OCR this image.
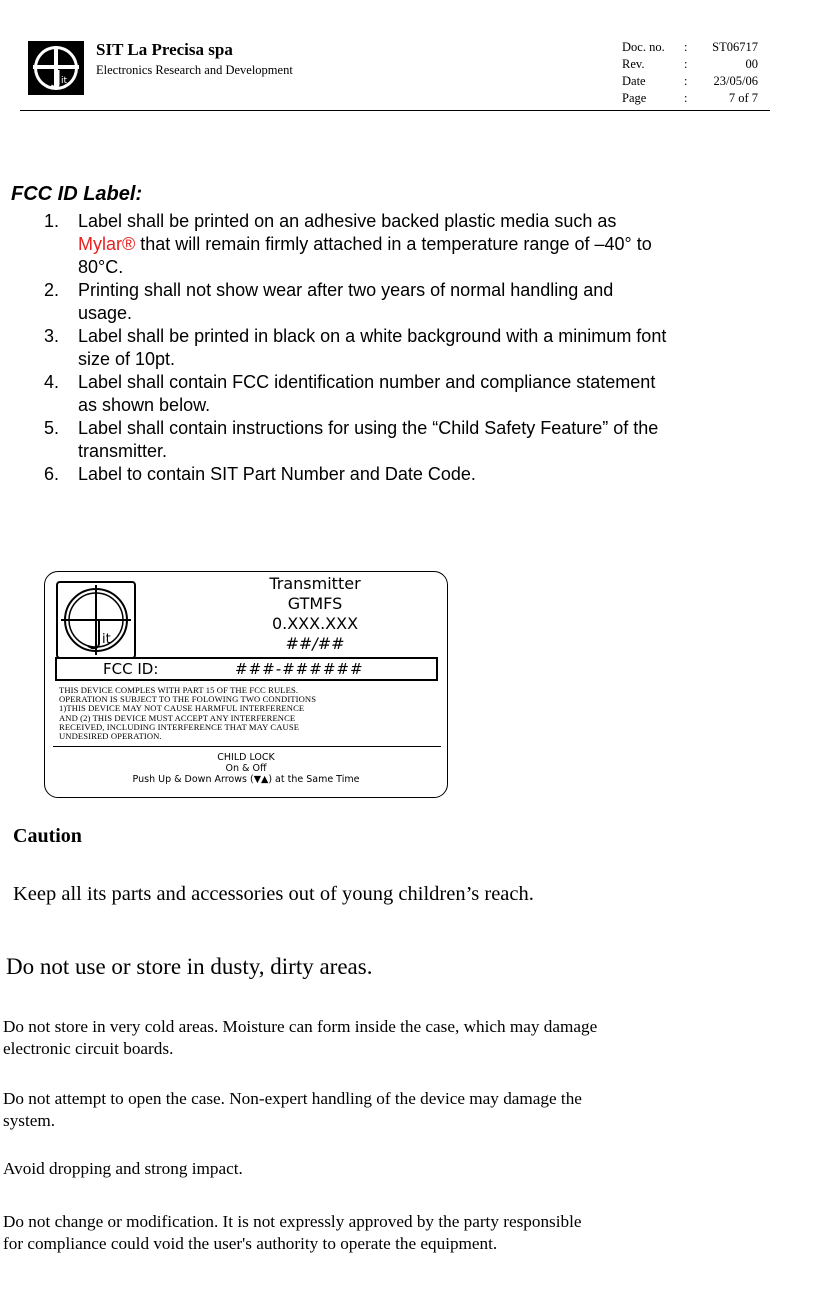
it
SIT La Precisa spa
Electronics Research and Development
Doc. no.	:	ST06717
Rev.	:	00
Date	:	23/05/06
Page	:	7 of 7
FCC ID Label:
1. Label shall be printed on an adhesive backed plastic media such as
Mylar® that will remain firmly attached in a temperature range of –40° to
80°C.
2. Printing shall not show wear after two years of normal handling and
usage.
3. Label shall be printed in black on a white background with a minimum font
size of 10pt.
4. Label shall contain FCC identification number and compliance statement
as shown below.
5. Label shall contain instructions for using the “Child Safety Feature” of the
transmitter.
6. Label to contain SIT Part Number and Date Code.
it
Transmitter
GTMFS
0.XXX.XXX
##/##
FCC ID:	###-######
THIS DEVICE COMPLES WITH PART 15 OF THE FCC RULES.
OPERATION IS SUBJECT TO THE FOLOWING TWO CONDITIONS
1)THIS DEVICE MAY NOT CAUSE HARMFUL INTERFERENCE
AND (2) THIS DEVICE MUST ACCEPT ANY INTERFERENCE
RECEIVED, INCLUDING INTERFERENCE THAT MAY CAUSE
UNDESIRED OPERATION.
CHILD LOCK
On & Off
Push Up & Down Arrows (▼▲) at the Same Time
Caution
Keep all its parts and accessories out of young children’s reach.
Do not use or store in dusty, dirty areas.
Do not store in very cold areas. Moisture can form inside the case, which may damage
electronic circuit boards.
Do not attempt to open the case. Non-expert handling of the device may damage the
system.
Avoid dropping and strong impact.
Do not change or modification. It is not expressly approved by the party responsible
for compliance could void the user's authority to operate the equipment.
